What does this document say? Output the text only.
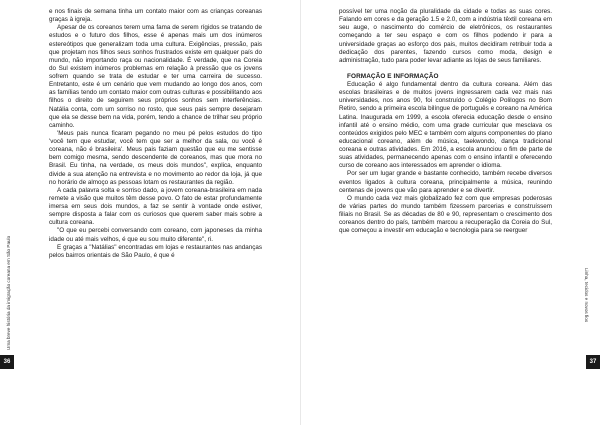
e nos finais de semana tinha um contato maior com as crianças coreanas graças à igreja.

Apesar de os coreanos terem uma fama de serem rígidos se tratando de estudos e o futuro dos filhos, esse é apenas mais um dos inúmeros estereótipos que generalizam toda uma cultura. Exigências, pressão, pais que projetam nos filhos seus sonhos frustrados existe em qualquer país do mundo, não importando raça ou nacionalidade. É verdade, que na Coreia do Sul existem inúmeros problemas em relação à pressão que os jovens sofrem quando se trata de estudar e ter uma carreira de sucesso. Entretanto, este é um cenário que vem mudando ao longo dos anos, com as famílias tendo um contato maior com outras culturas e possibilitando aos filhos o direito de seguirem seus próprios sonhos sem interferências. Natália conta, com um sorriso no rosto, que seus pais sempre desejaram que ela se desse bem na vida, porém, tendo a chance de trilhar seu próprio caminho.

'Meus pais nunca ficaram pegando no meu pé pelos estudos do tipo 'você tem que estudar, você tem que ser a melhor da sala, ou você é coreana, não é brasileira'. Meus pais faziam questão que eu me sentisse bem comigo mesma, sendo descendente de coreanos, mas que mora no Brasil. Eu tinha, na verdade, os meus dois mundos", explica, enquanto divide a sua atenção na entrevista e no movimento ao redor da loja, já que no horário de almoço as pessoas lotam os restaurantes da região.

A cada palavra solta e sorriso dado, a jovem coreana-brasileira em nada remete a visão que muitos têm desse povo. O fato de estar profundamente imersa em seus dois mundos, a faz se sentir à vontade onde estiver, sempre disposta a falar com os curiosos que querem saber mais sobre a cultura coreana.

"O que eu percebi conversando com coreano, com japoneses da minha idade ou até mais velhos, é que eu sou muito diferente", ri.

E graças a "Natálias" encontradas em lojas e restaurantes nas andanças pelos bairros orientais de São Paulo, é que é

36
Uma breve história da imigração coreana em São Paulo

possível ter uma noção da pluralidade da cidade e todas as suas cores. Falando em cores e da geração 1.5 e 2.0, com a indústria têxtil coreana em seu auge, o nascimento do comércio de eletrônicos, os restaurantes começando a ter seu espaço e com os filhos podendo ir para a universidade graças ao esforço dos pais, muitos decidiram retribuir toda a dedicação dos parentes, fazendo cursos como moda, design e administração, tudo para poder levar adiante as lojas de seus familiares.

FORMAÇÃO E INFORMAÇÃO

Educação é algo fundamental dentro da cultura coreana. Além das escolas brasileiras e de muitos jovens ingressarem cada vez mais nas universidades, nos anos 90, foi construído o Colégio Polilogos no Bom Retiro, sendo a primeira escola bilíngue de português e coreano na América Latina. Inaugurada em 1999, a escola oferecia educação desde o ensino infantil até o ensino médio, com uma grade curricular que mesclava os conteúdos exigidos pelo MEC e também com alguns componentes do plano educacional coreano, além de música, taekwondo, dança tradicional coreana e outras atividades. Em 2016, a escola anunciou o fim de parte de suas atividades, permanecendo apenas com o ensino infantil e oferecendo curso de coreano aos interessados em aprender o idioma.

Por ser um lugar grande e bastante conhecido, também recebe diversos eventos ligados à cultura coreana, principalmente a música, reunindo centenas de jovens que vão para aprender e se divertir.

O mundo cada vez mais globalizado fez com que empresas poderosas de várias partes do mundo também fizessem parcerias e construíssem filiais no Brasil. Se as décadas de 80 e 90, representam o crescimento dos coreanos dentro do país, também marcou a recuperação da Coreia do Sul, que começou a investir em educação e tecnologia para se reerguer

37
Linha, tecidos e novos fios
